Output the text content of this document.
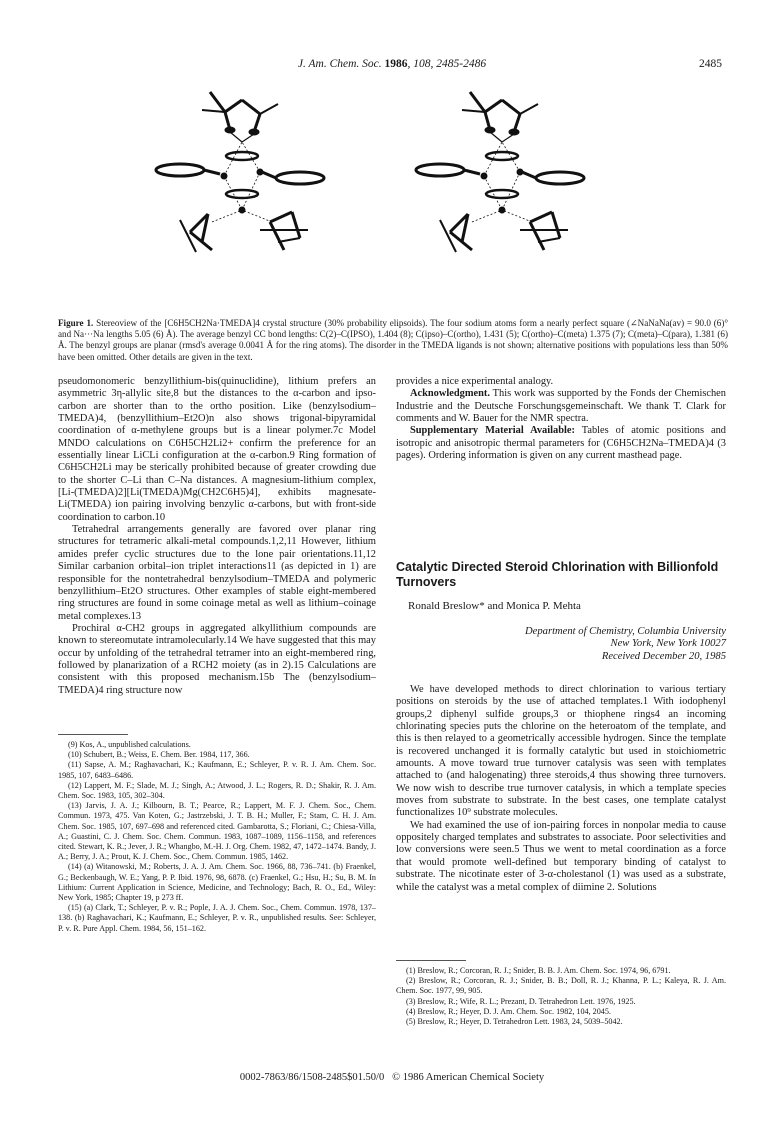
J. Am. Chem. Soc. 1986, 108, 2485-2486	2485
Figure 1. Stereoview of the [C6H5CH2Na·TMEDA]4 crystal structure (30% probability elipsoids). The four sodium atoms form a nearly perfect square (∠NaNaNa(av) = 90.0 (6)° and Na···Na lengths 5.05 (6) Å). The average benzyl CC bond lengths: C(2)–C(IPSO), 1.404 (8); C(ipso)–C(ortho), 1.431 (5); C(ortho)–C(meta) 1.375 (7); C(meta)–C(para), 1.381 (6) Å. The benzyl groups are planar (rmsd's average 0.0041 Å for the ring atoms). The disorder in the TMEDA ligands is not shown; alternative positions with populations less than 50% have been omitted. Other details are given in the text.

pseudomonomeric benzyllithium-bis(quinuclidine), lithium prefers an asymmetric 3η-allylic site,8 but the distances to the α-carbon and ipso-carbon are shorter than to the ortho position. Like (benzylsodium–TMEDA)4, (benzyllithium–Et2O)n also shows trigonal-bipyramidal coordination of α-methylene groups but is a linear polymer.7c Model MNDO calculations on C6H5CH2Li2+ confirm the preference for an essentially linear LiCLi configuration at the α-carbon.9 Ring formation of C6H5CH2Li may be sterically prohibited because of greater crowding due to the shorter C–Li than C–Na distances. A magnesium-lithium complex, [Li-(TMEDA)2][Li(TMEDA)Mg(CH2C6H5)4], exhibits magnesate-Li(TMEDA) ion pairing involving benzylic α-carbons, but with front-side coordination to carbon.10

Tetrahedral arrangements generally are favored over planar ring structures for tetrameric alkali-metal compounds.1,2,11 However, lithium amides prefer cyclic structures due to the lone pair orientations.11,12 Similar carbanion orbital–ion triplet interactions11 (as depicted in 1) are responsible for the nontetrahedral benzylsodium–TMEDA and polymeric benzyllithium–Et2O structures. Other examples of stable eight-membered ring structures are found in some coinage metal as well as lithium–coinage metal complexes.13

Prochiral α-CH2 groups in aggregated alkyllithium compounds are known to stereomutate intramolecularly.14 We have suggested that this may occur by unfolding of the tetrahedral tetramer into an eight-membered ring, followed by planarization of a RCH2 moiety (as in 2).15 Calculations are consistent with this proposed mechanism.15b The (benzylsodium–TMEDA)4 ring structure now

(9) Kos, A., unpublished calculations.

(10) Schubert, B.; Weiss, E. Chem. Ber. 1984, 117, 366.

(11) Sapse, A. M.; Raghavachari, K.; Kaufmann, E.; Schleyer, P. v. R. J. Am. Chem. Soc. 1985, 107, 6483–6486.

(12) Lappert, M. F.; Slade, M. J.; Singh, A.; Atwood, J. L.; Rogers, R. D.; Shakir, R. J. Am. Chem. Soc. 1983, 105, 302–304.

(13) Jarvis, J. A. J.; Kilbourn, B. T.; Pearce, R.; Lappert, M. F. J. Chem. Soc., Chem. Commun. 1973, 475. Van Koten, G.; Jastrzebski, J. T. B. H.; Muller, F.; Stam, C. H. J. Am. Chem. Soc. 1985, 107, 697–698 and referenced cited. Gambarotta, S.; Floriani, C.; Chiesa-Villa, A.; Guastini, C. J. Chem. Soc. Chem. Commun. 1983, 1087–1089, 1156–1158, and references cited. Stewart, K. R.; Jever, J. R.; Whangbo, M.-H. J. Org. Chem. 1982, 47, 1472–1474. Bandy, J. A.; Berry, J. A.; Prout, K. J. Chem. Soc., Chem. Commun. 1985, 1462.

(14) (a) Witanowski, M.; Roberts, J. A. J. Am. Chem. Soc. 1966, 88, 736–741. (b) Fraenkel, G.; Beckenbaugh, W. E.; Yang, P. P. Ibid. 1976, 98, 6878. (c) Fraenkel, G.; Hsu, H.; Su, B. M. In Lithium: Current Application in Science, Medicine, and Technology; Bach, R. O., Ed., Wiley: New York, 1985; Chapter 19, p 273 ff.

(15) (a) Clark, T.; Schleyer, P. v. R.; Pople, J. A. J. Chem. Soc., Chem. Commun. 1978, 137–138. (b) Raghavachari, K.; Kaufmann, E.; Schleyer, P. v. R., unpublished results. See: Schleyer, P. v. R. Pure Appl. Chem. 1984, 56, 151–162.

provides a nice experimental analogy.

Acknowledgment. This work was supported by the Fonds der Chemischen Industrie and the Deutsche Forschungsgemeinschaft. We thank T. Clark for comments and W. Bauer for the NMR spectra.

Supplementary Material Available: Tables of atomic positions and isotropic and anisotropic thermal parameters for (C6H5CH2Na–TMEDA)4 (3 pages). Ordering information is given on any current masthead page.

Catalytic Directed Steroid Chlorination with Billionfold Turnovers
Ronald Breslow* and Monica P. Mehta
Department of Chemistry, Columbia University
New York, New York 10027
Received December 20, 1985

We have developed methods to direct chlorination to various tertiary positions on steroids by the use of attached templates.1 With iodophenyl groups,2 diphenyl sulfide groups,3 or thiophene rings4 an incoming chlorinating species puts the chlorine on the heteroatom of the template, and this is then relayed to a geometrically accessible hydrogen. Since the template is recovered unchanged it is formally catalytic but used in stoichiometric amounts. A move toward true turnover catalysis was seen with templates attached to (and halogenating) three steroids,4 thus showing three turnovers. We now wish to describe true turnover catalysis, in which a template species moves from substrate to substrate. In the best cases, one template catalyst functionalizes 10⁹ substrate molecules.

We had examined the use of ion-pairing forces in nonpolar media to cause oppositely charged templates and substrates to associate. Poor selectivities and low conversions were seen.5 Thus we went to metal coordination as a force that would promote well-defined but temporary binding of catalyst to substrate. The nicotinate ester of 3-α-cholestanol (1) was used as a substrate, while the catalyst was a metal complex of diimine 2. Solutions

(1) Breslow, R.; Corcoran, R. J.; Snider, B. B. J. Am. Chem. Soc. 1974, 96, 6791.

(2) Breslow, R.; Corcoran, R. J.; Snider, B. B.; Doll, R. J.; Khanna, P. L.; Kaleya, R. J. Am. Chem. Soc. 1977, 99, 905.

(3) Breslow, R.; Wife, R. L.; Prezant, D. Tetrahedron Lett. 1976, 1925.

(4) Breslow, R.; Heyer, D. J. Am. Chem. Soc. 1982, 104, 2045.

(5) Breslow, R.; Heyer, D. Tetrahedron Lett. 1983, 24, 5039–5042.

0002-7863/86/1508-2485$01.50/0 © 1986 American Chemical Society
